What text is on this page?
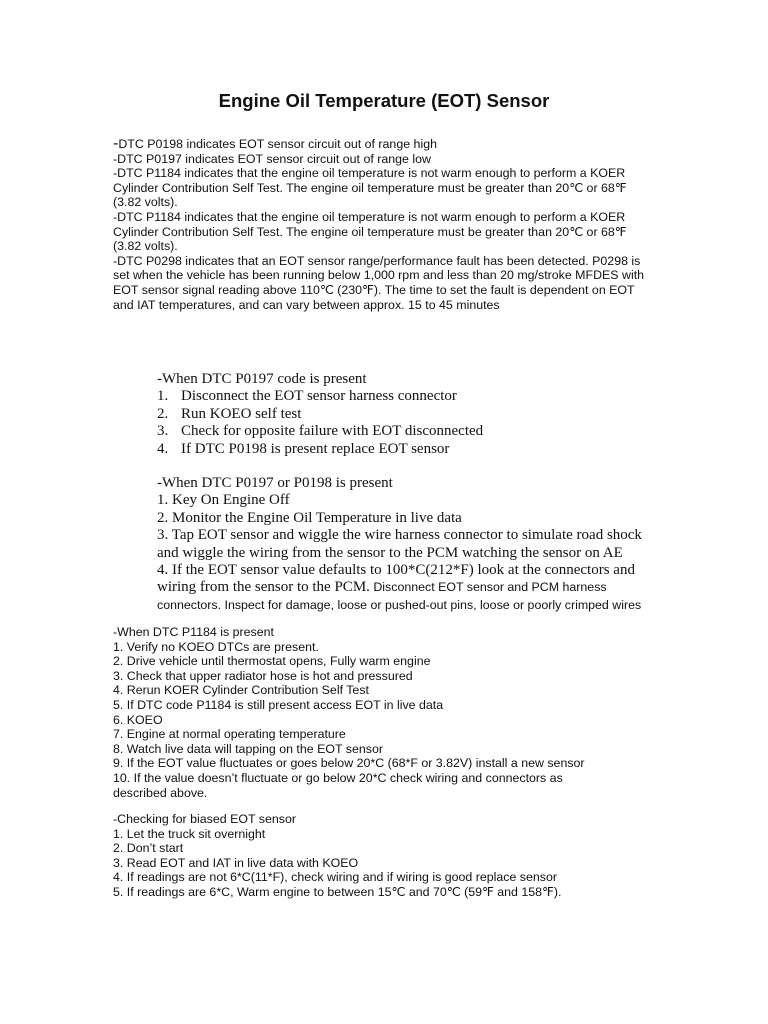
Engine Oil Temperature (EOT) Sensor

-DTC P0198 indicates EOT sensor circuit out of range high

-DTC P0197 indicates EOT sensor circuit out of range low

-DTC P1184 indicates that the engine oil temperature is not warm enough to perform a KOER

Cylinder Contribution Self Test. The engine oil temperature must be greater than 20℃ or 68℉

(3.82 volts).

-DTC P1184 indicates that the engine oil temperature is not warm enough to perform a KOER

Cylinder Contribution Self Test. The engine oil temperature must be greater than 20℃ or 68℉

(3.82 volts).

-DTC P0298 indicates that an EOT sensor range/performance fault has been detected. P0298 is

set when the vehicle has been running below 1,000 rpm and less than 20 mg/stroke MFDES with

EOT sensor signal reading above 110℃ (230℉). The time to set the fault is dependent on EOT

and IAT temperatures, and can vary between approx. 15 to 45 minutes

-When DTC P0197 code is present

1. Disconnect the EOT sensor harness connector
2. Run KOEO self test
3. Check for opposite failure with EOT disconnected
4. If DTC P0198 is present replace EOT sensor

-When DTC P0197 or P0198 is present

1. Key On Engine Off

2. Monitor the Engine Oil Temperature in live data

3. Tap EOT sensor and wiggle the wire harness connector to simulate road shock

and wiggle the wiring from the sensor to the PCM watching the sensor on AE

4. If the EOT sensor value defaults to 100*C(212*F) look at the connectors and

wiring from the sensor to the PCM. Disconnect EOT sensor and PCM harness

connectors. Inspect for damage, loose or pushed-out pins, loose or poorly crimped wires

-When DTC P1184 is present

1. Verify no KOEO DTCs are present.

2. Drive vehicle until thermostat opens, Fully warm engine

3. Check that upper radiator hose is hot and pressured

4. Rerun KOER Cylinder Contribution Self Test

5. If DTC code P1184 is still present access EOT in live data

6. KOEO

7. Engine at normal operating temperature

8. Watch live data will tapping on the EOT sensor

9. If the EOT value fluctuates or goes below 20*C (68*F or 3.82V) install a new sensor

10. If the value doesn’t fluctuate or go below 20*C check wiring and connectors as

described above.

-Checking for biased EOT sensor

1. Let the truck sit overnight

2. Don’t start

3. Read EOT and IAT in live data with KOEO

4. If readings are not 6*C(11*F), check wiring and if wiring is good replace sensor

5. If readings are 6*C, Warm engine to between 15℃ and 70℃ (59℉ and 158℉).
